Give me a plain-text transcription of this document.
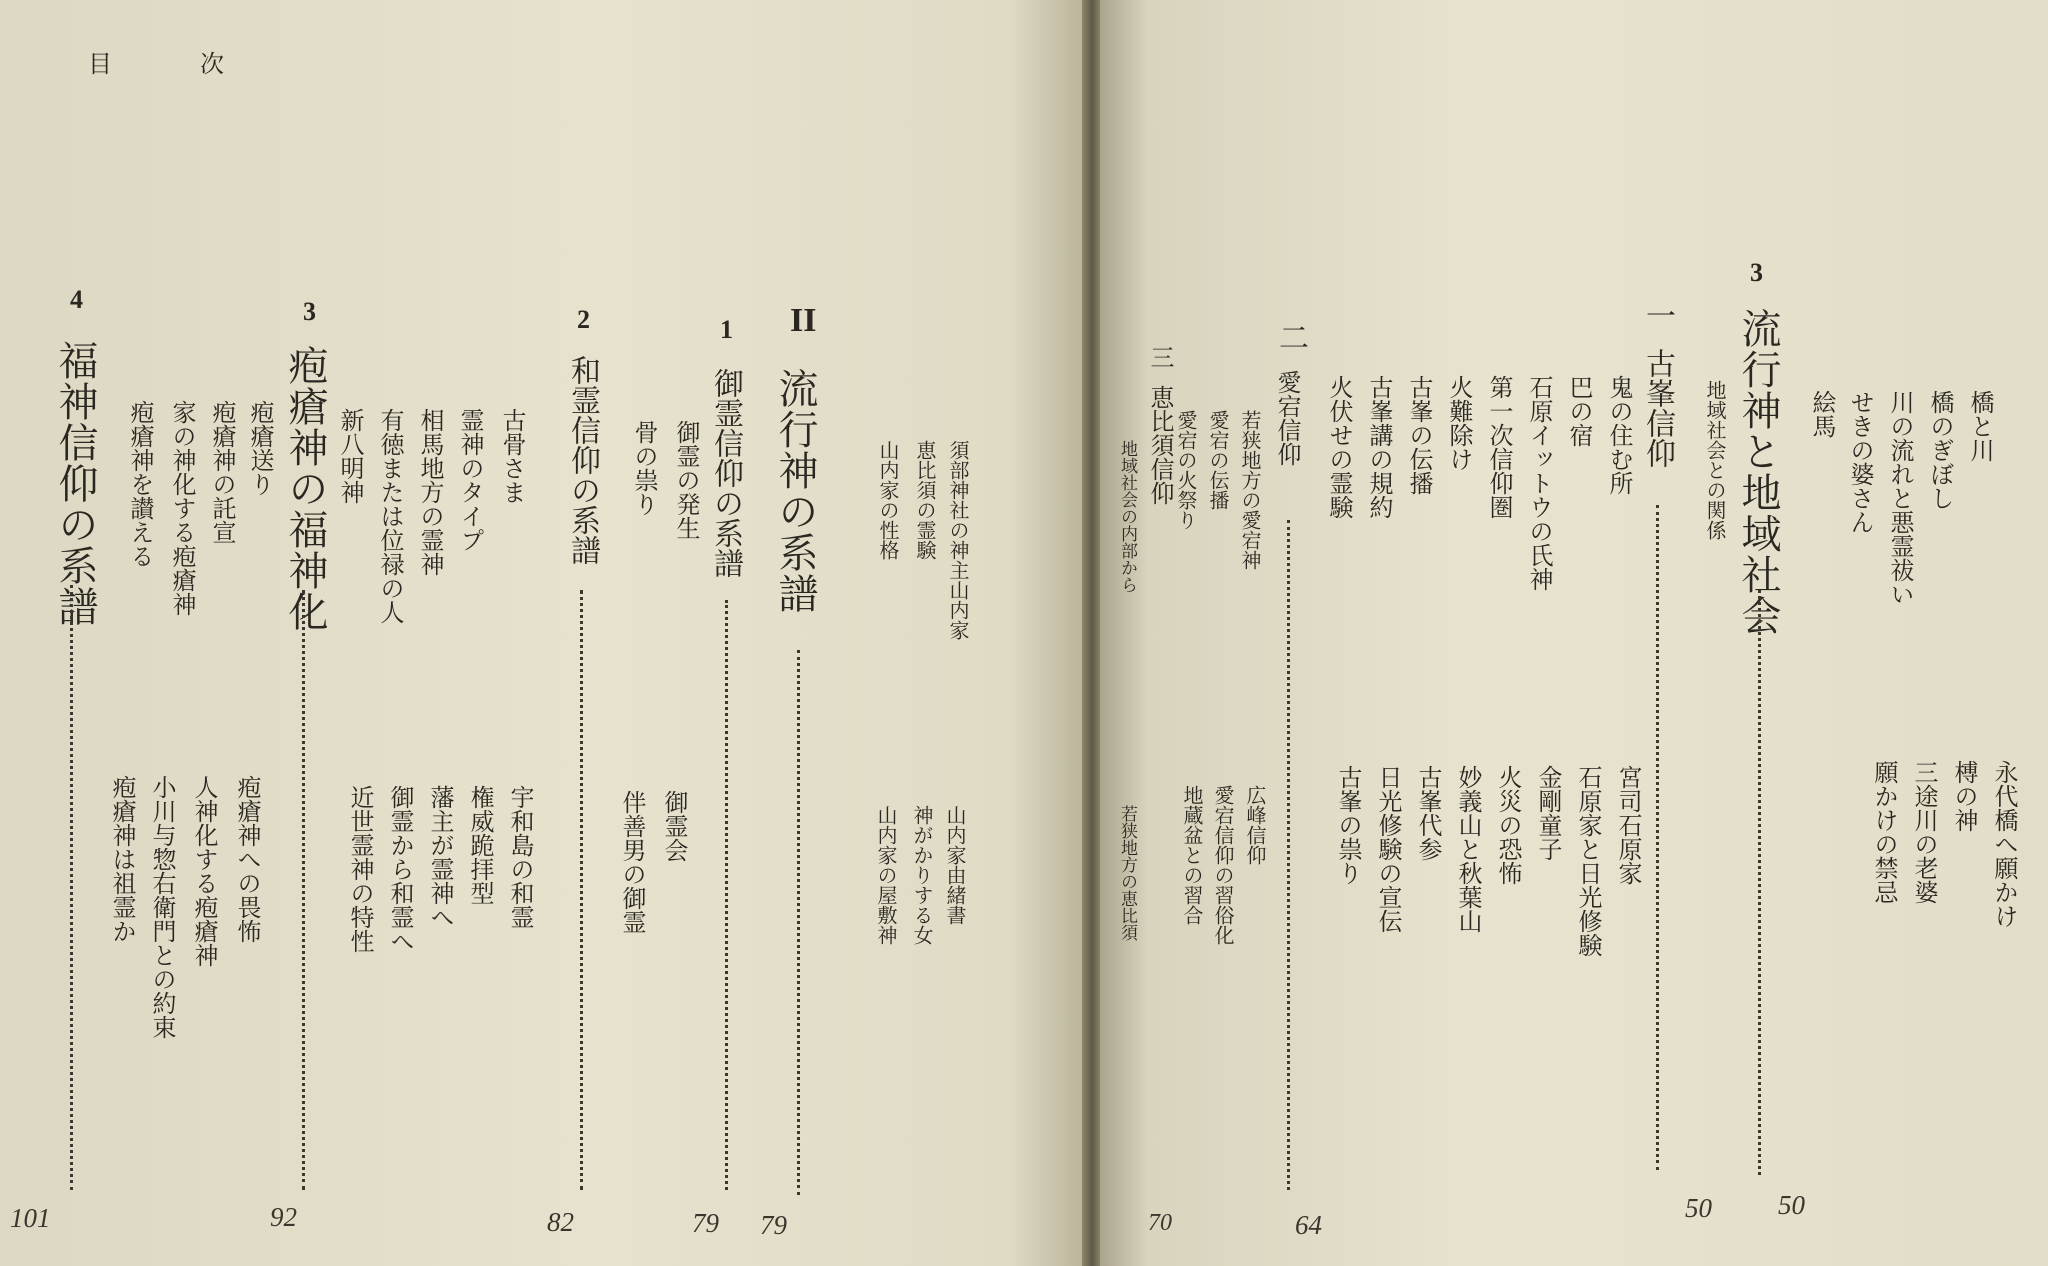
目	次
4
福神信仰の系譜
101
疱瘡送り
疱瘡神の託宣
家の神化する疱瘡神
疱瘡神を讃える
疱瘡神への畏怖
人神化する疱瘡神
小川与惣右衛門との約束
疱瘡神は祖霊か
3
疱瘡神の福神化
92
古骨さま
霊神のタイプ
相馬地方の霊神
有徳または位禄の人
新八明神
宇和島の和霊
権威跪拝型
藩主が霊神へ
御霊から和霊へ
近世霊神の特性
2
和霊信仰の系譜
82
御霊の発生
骨の祟り
御霊会
伴善男の御霊
1
御霊信仰の系譜
79
II
流行神の系譜
79
須部神社の神主山内家
恵比須の霊験
山内家の性格
山内家由緒書
神がかりする女
山内家の屋敷神
三
恵比須信仰
地域社会の内部から
若狭地方の恵比須
70
二
愛宕信仰
64
若狭地方の愛宕神
愛宕の伝播
愛宕の火祭り
広峰信仰
愛宕信仰の習俗化
地蔵盆との習合
一
古峯信仰
50
鬼の住む所
巴の宿
石原イットウの氏神
第一次信仰圏
火難除け
古峯の伝播
古峯講の規約
火伏せの霊験
宮司石原家
石原家と日光修験
金剛童子
火災の恐怖
妙義山と秋葉山
古峯代参
日光修験の宣伝
古峯の祟り
3
流行神と地域社会
地域社会との関係
50
絵馬 せきの婆さん 川の流れと悪霊祓い 橋のぎぼし 橋と川
願かけの禁忌 三途川の老婆 榑の神 永代橋へ願かけ
